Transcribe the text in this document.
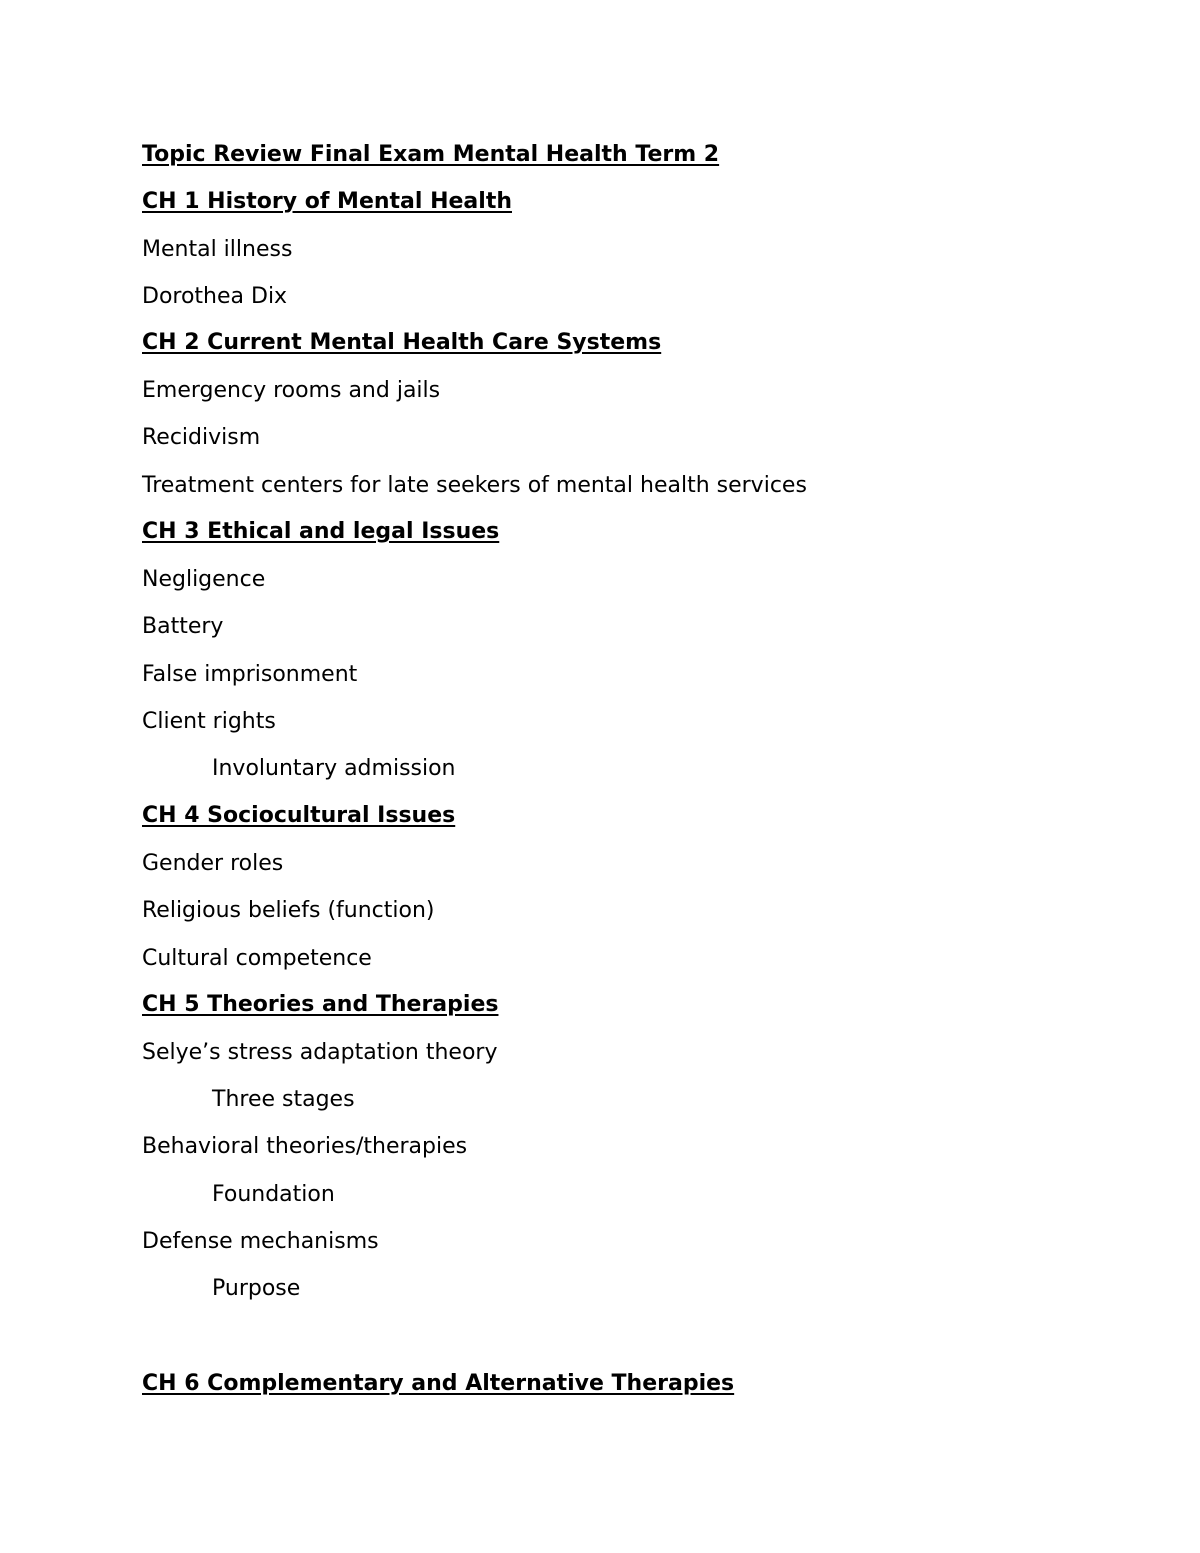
Topic Review Final Exam Mental Health Term 2
CH 1 History of Mental Health
Mental illness
Dorothea Dix
CH 2 Current Mental Health Care Systems
Emergency rooms and jails
Recidivism
Treatment centers for late seekers of mental health services
CH 3 Ethical and legal Issues
Negligence
Battery
False imprisonment
Client rights
Involuntary admission
CH 4 Sociocultural Issues
Gender roles
Religious beliefs (function)
Cultural competence
CH 5 Theories and Therapies
Selye’s stress adaptation theory
Three stages
Behavioral theories/therapies
Foundation
Defense mechanisms
Purpose
CH 6 Complementary and Alternative Therapies
